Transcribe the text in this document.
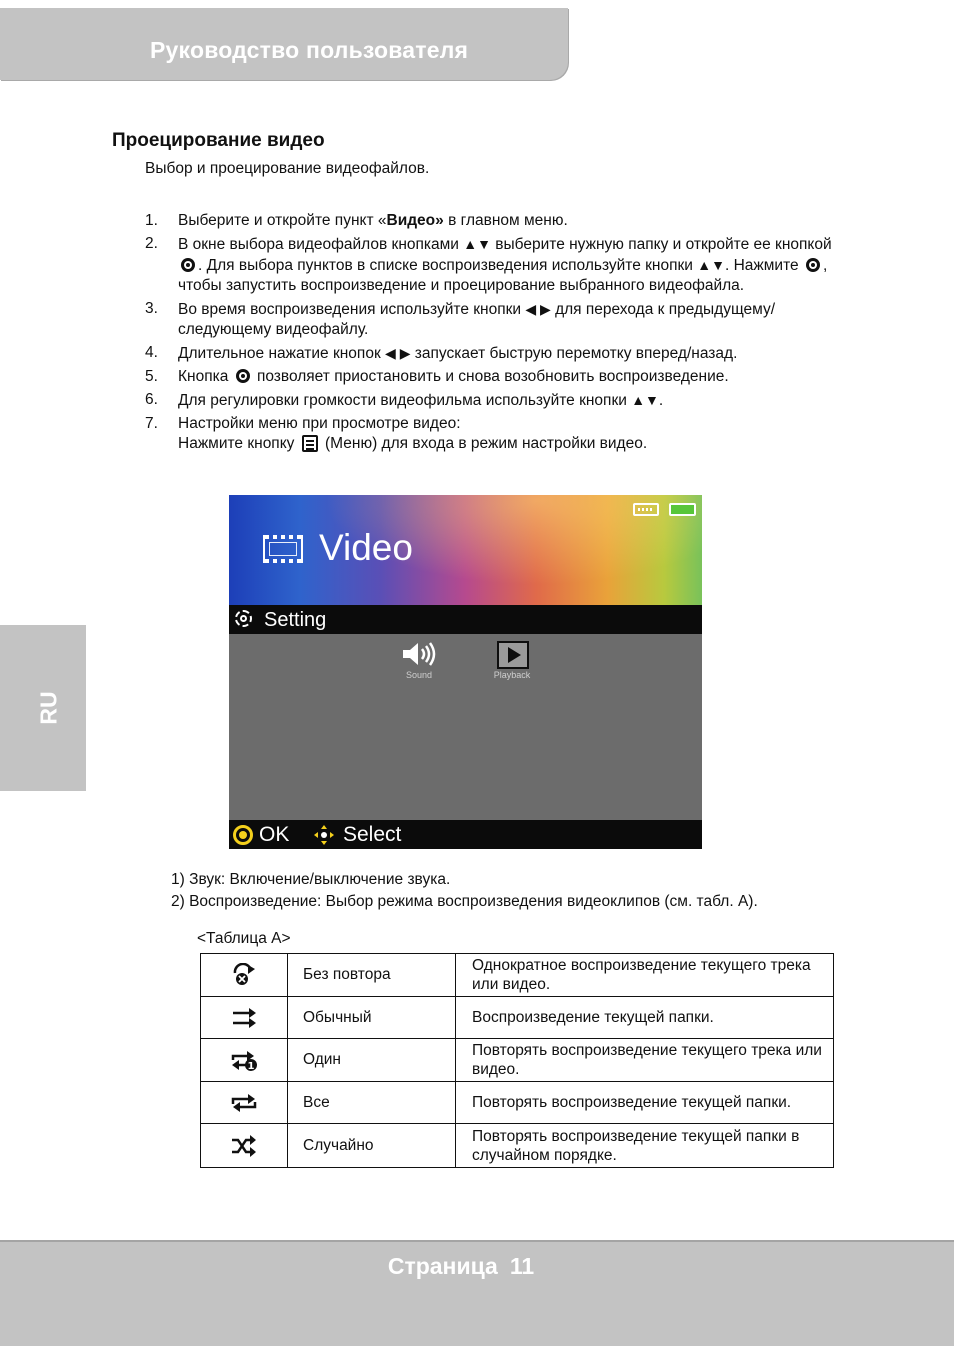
Руководство пользователя
RU
Проецирование видео
Выбор и проецирование видеофайлов.
1. Выберите и откройте пункт «Видео» в главном меню.
2. В окне выбора видеофайлов кнопками ▲▼ выберите нужную папку и откройте ее кнопкой . Для выбора пунктов в списке воспроизведения используйте кнопки ▲▼. Нажмите , чтобы запустить воспроизведение и проецирование выбранного видеофайла.
3. Во время воспроизведения используйте кнопки ◀ ▶ для перехода к предыдущему/следующему видеофайлу.
4. Длительное нажатие кнопок ◀ ▶ запускает быструю перемотку вперед/назад.
5. Кнопка  позволяет приостановить и снова возобновить воспроизведение.
6. Для регулировки громкости видеофильма используйте кнопки ▲▼.
7. Настройки меню при просмотре видео:
Нажмите кнопку
(Меню) для входа в режим настройки видео.
Video
Setting
Sound	Playback
OK	Select
1) Звук: Включение/выключение звука.
2) Воспроизведение: Выбор режима воспроизведения видеоклипов (см. табл. А).
<Таблица А>
	Без повтора	Однократное воспроизведение текущего трека или видео.

	Обычный	Воспроизведение текущей папки.

1	Один	Повторять воспроизведение текущего трека или видео.

	Все	Повторять воспроизведение текущей папки.

	Случайно	Повторять воспроизведение текущей папки в случайном порядке.
Страница 11
